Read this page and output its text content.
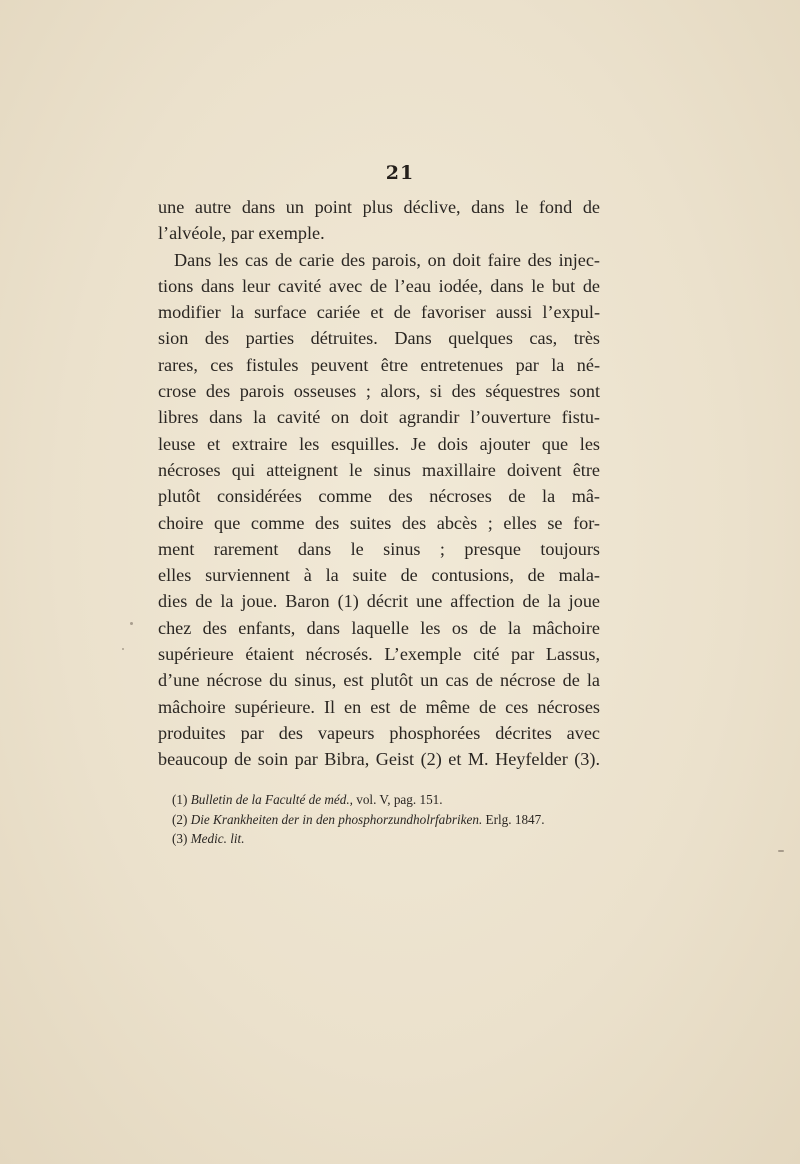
21
une autre dans un point plus déclive, dans le fond de
l’alvéole, par exemple.
Dans les cas de carie des parois, on doit faire des injec-
tions dans leur cavité avec de l’eau iodée, dans le but de
modifier la surface cariée et de favoriser aussi l’expul-
sion des parties détruites. Dans quelques cas, très
rares, ces fistules peuvent être entretenues par la né-
crose des parois osseuses ; alors, si des séquestres sont
libres dans la cavité on doit agrandir l’ouverture fistu-
leuse et extraire les esquilles. Je dois ajouter que les
nécroses qui atteignent le sinus maxillaire doivent être
plutôt considérées comme des nécroses de la mâ-
choire que comme des suites des abcès ; elles se for-
ment rarement dans le sinus ; presque toujours
elles surviennent à la suite de contusions, de mala-
dies de la joue. Baron (1) décrit une affection de la joue
chez des enfants, dans laquelle les os de la mâchoire
supérieure étaient nécrosés. L’exemple cité par Lassus,
d’une nécrose du sinus, est plutôt un cas de nécrose de la
mâchoire supérieure. Il en est de même de ces nécroses
produites par des vapeurs phosphorées décrites avec
beaucoup de soin par Bibra, Geist (2) et M. Heyfelder (3).
(1) Bulletin de la Faculté de méd., vol. V, pag. 151.
(2) Die Krankheiten der in den phosphorzundholrfabriken. Erlg. 1847.
(3) Medic. lit.
